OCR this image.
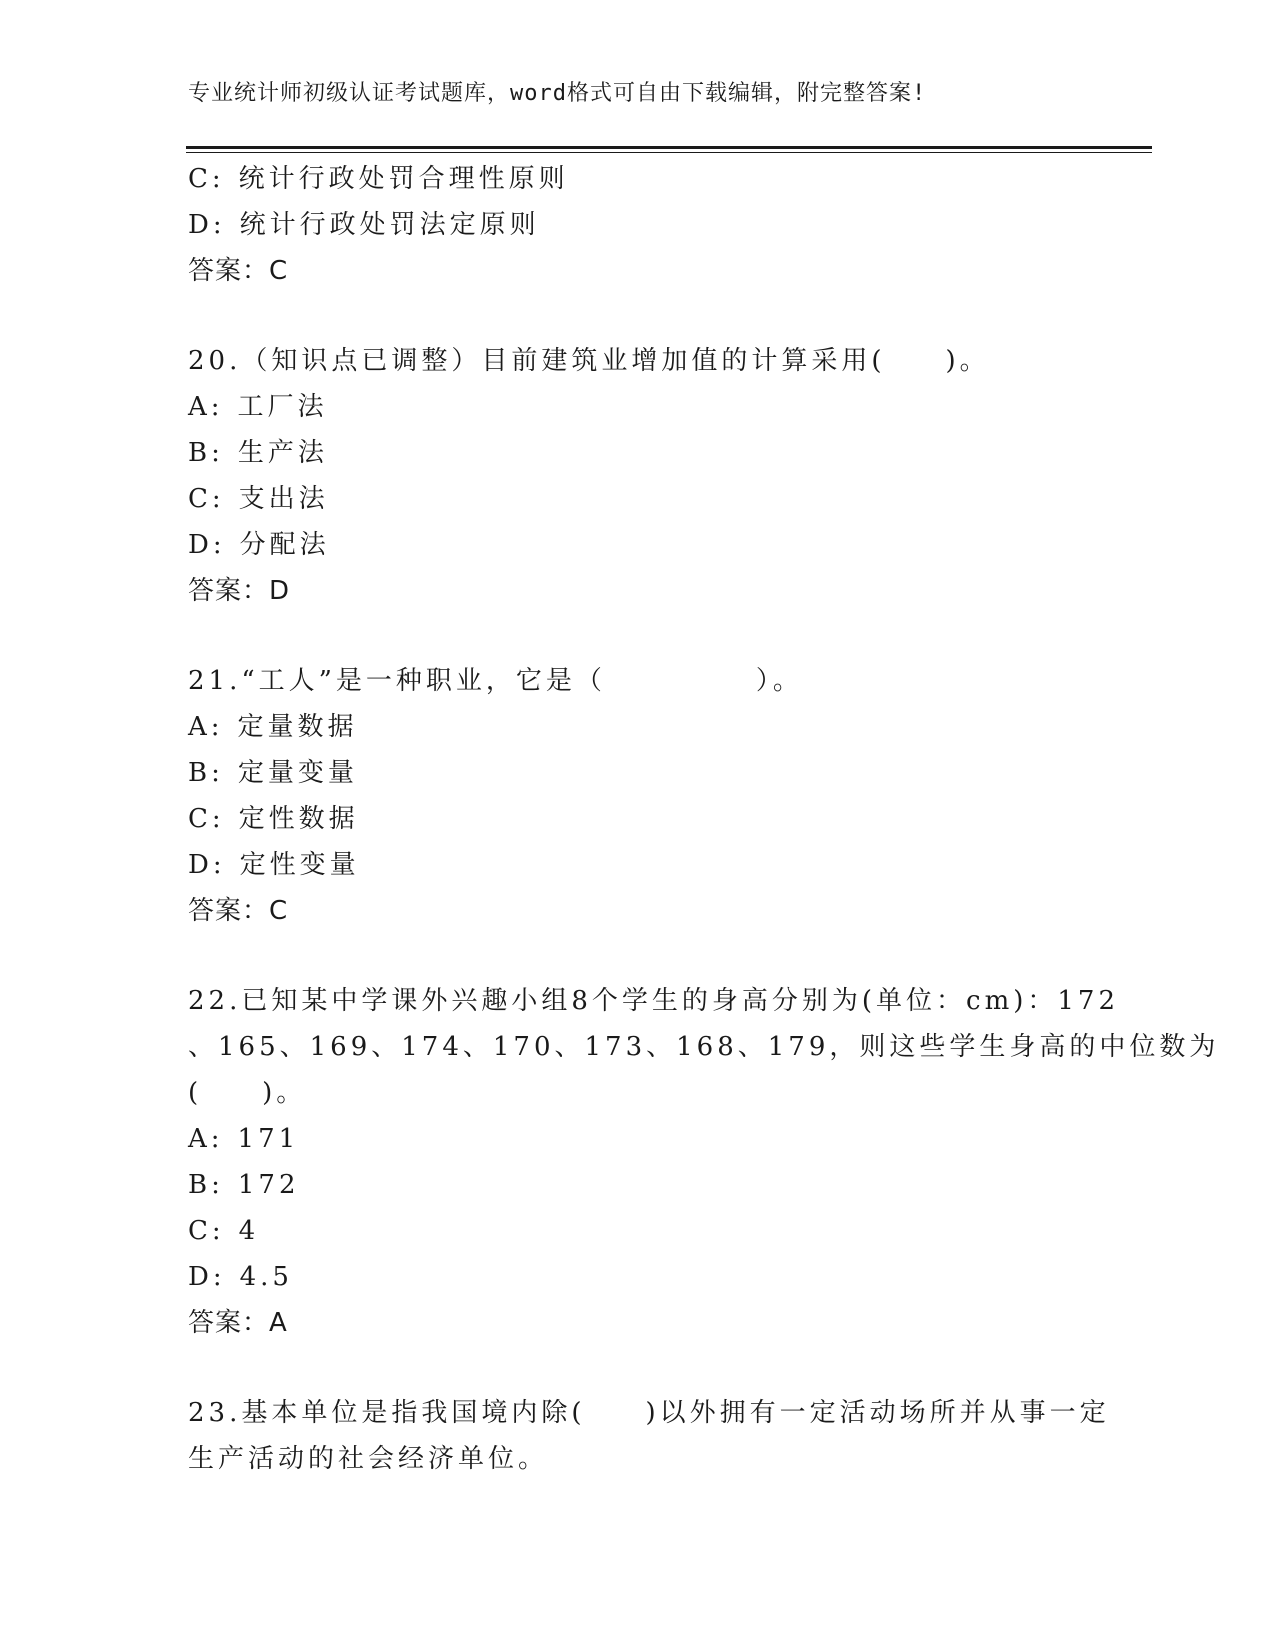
专业统计师初级认证考试题库，word格式可自由下载编辑，附完整答案!
C: 统计行政处罚合理性原则
D: 统计行政处罚法定原则
答案：C
20.（知识点已调整）目前建筑业增加值的计算采用(　　)。
A: 工厂法
B: 生产法
C: 支出法
D: 分配法
答案：D
21.“工人”是一种职业，它是（　　　　　）。
A: 定量数据
B: 定量变量
C: 定性数据
D: 定性变量
答案：C
22.已知某中学课外兴趣小组8个学生的身高分别为(单位：cm)：172
、165、169、174、170、173、168、179，则这些学生身高的中位数为
(　　)。
A: 171
B: 172
C: 4
D: 4.5
答案：A
23.基本单位是指我国境内除(　　)以外拥有一定活动场所并从事一定
生产活动的社会经济单位。
